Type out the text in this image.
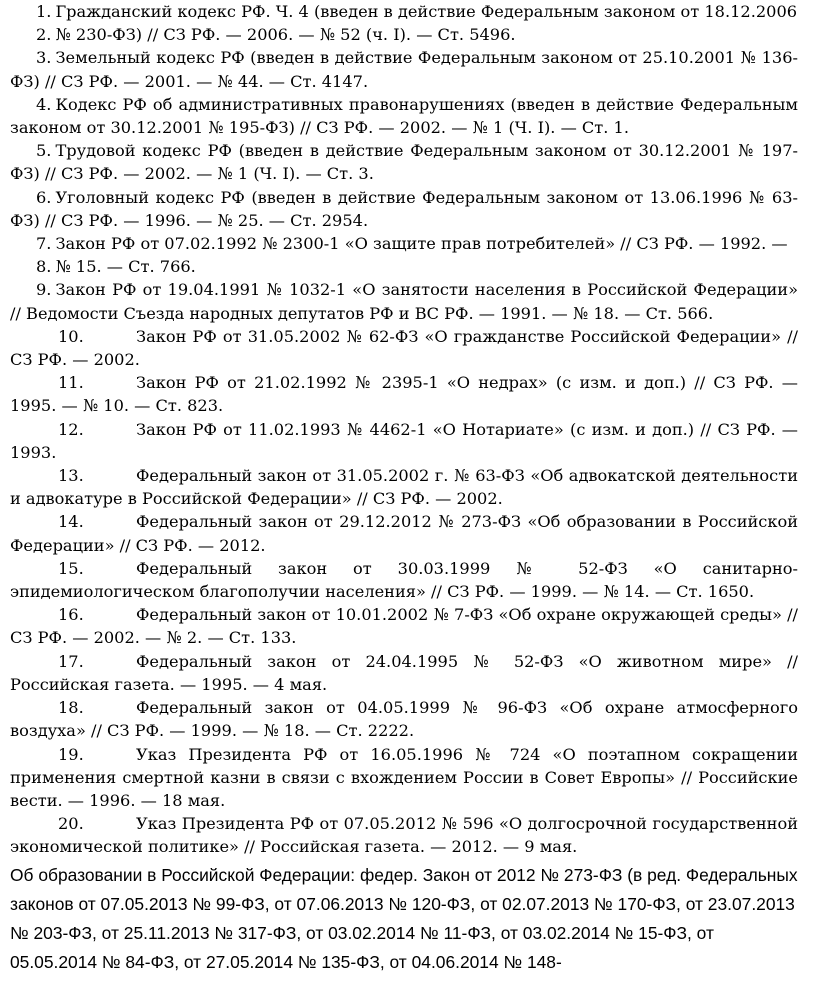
1. Гражданский кодекс РФ. Ч. 4 (введен в действие Федеральным законом от 18.12.2006

2. № 230-ФЗ) // СЗ РФ. — 2006. — № 52 (ч. I). — Ст. 5496.

3. Земельный кодекс РФ (введен в действие Федеральным законом от 25.10.2001 № 136-ФЗ) // СЗ РФ. — 2001. — № 44. — Ст. 4147.

4. Кодекс РФ об административных правонарушениях (введен в действие Федеральным законом от 30.12.2001 № 195-ФЗ) // СЗ РФ. — 2002. — № 1 (Ч. I). — Ст. 1.

5. Трудовой кодекс РФ (введен в действие Федеральным законом от 30.12.2001 № 197-ФЗ) // СЗ РФ. — 2002. — № 1 (Ч. I). — Ст. 3.

6. Уголовный кодекс РФ (введен в действие Федеральным законом от 13.06.1996 № 63-ФЗ) // СЗ РФ. — 1996. — № 25. — Ст. 2954.

7. Закон РФ от 07.02.1992 № 2300-1 «О защите прав потребителей» // СЗ РФ. — 1992. —

8. № 15. — Ст. 766.

9. Закон РФ от 19.04.1991 № 1032-1 «О занятости населения в Российской Федерации» // Ведомости Съезда народных депутатов РФ и ВС РФ. — 1991. — № 18. — Ст. 566.

10.	Закон РФ от 31.05.2002 № 62-ФЗ «О гражданстве Российской Федерации» // СЗ РФ. — 2002.

11.	Закон РФ от 21.02.1992 № 2395-1 «О недрах» (с изм. и доп.) // СЗ РФ. — 1995. — № 10. — Ст. 823.

12.	Закон РФ от 11.02.1993 № 4462-1 «О Нотариате» (с изм. и доп.) // СЗ РФ. — 1993.

13.	Федеральный закон от 31.05.2002 г. № 63-ФЗ «Об адвокатской деятельности и адвокатуре в Российской Федерации» // СЗ РФ. — 2002.

14.	Федеральный закон от 29.12.2012 № 273-ФЗ «Об образовании в Российской Федерации» // СЗ РФ. — 2012.

15.	Федеральный закон от 30.03.1999 № 52-ФЗ «О санитарно-эпидемиологическом благополучии населения» // СЗ РФ. — 1999. — № 14. — Ст. 1650.

16.	Федеральный закон от 10.01.2002 № 7-ФЗ «Об охране окружающей среды» // СЗ РФ. — 2002. — № 2. — Ст. 133.

17.	Федеральный закон от 24.04.1995 № 52-ФЗ «О животном мире» // Российская газета. — 1995. — 4 мая.

18.	Федеральный закон от 04.05.1999 № 96-ФЗ «Об охране атмосферного воздуха» // СЗ РФ. — 1999. — № 18. — Ст. 2222.

19.	Указ Президента РФ от 16.05.1996 № 724 «О поэтапном сокращении применения смертной казни в связи с вхождением России в Совет Европы» // Российские вести. — 1996. — 18 мая.

20.	Указ Президента РФ от 07.05.2012 № 596 «О долгосрочной государственной экономической политике» // Российская газета. — 2012. — 9 мая.

Об образовании в Российской Федерации: федер. Закон от 2012 № 273-ФЗ (в ред. Федеральных законов от 07.05.2013 № 99-ФЗ, от 07.06.2013 № 120-ФЗ, от 02.07.2013 № 170-ФЗ, от 23.07.2013 № 203-ФЗ, от 25.11.2013 № 317-ФЗ, от 03.02.2014 № 11-ФЗ, от 03.02.2014 № 15-ФЗ, от 05.05.2014 № 84-ФЗ, от 27.05.2014 № 135-ФЗ, от 04.06.2014 № 148-
